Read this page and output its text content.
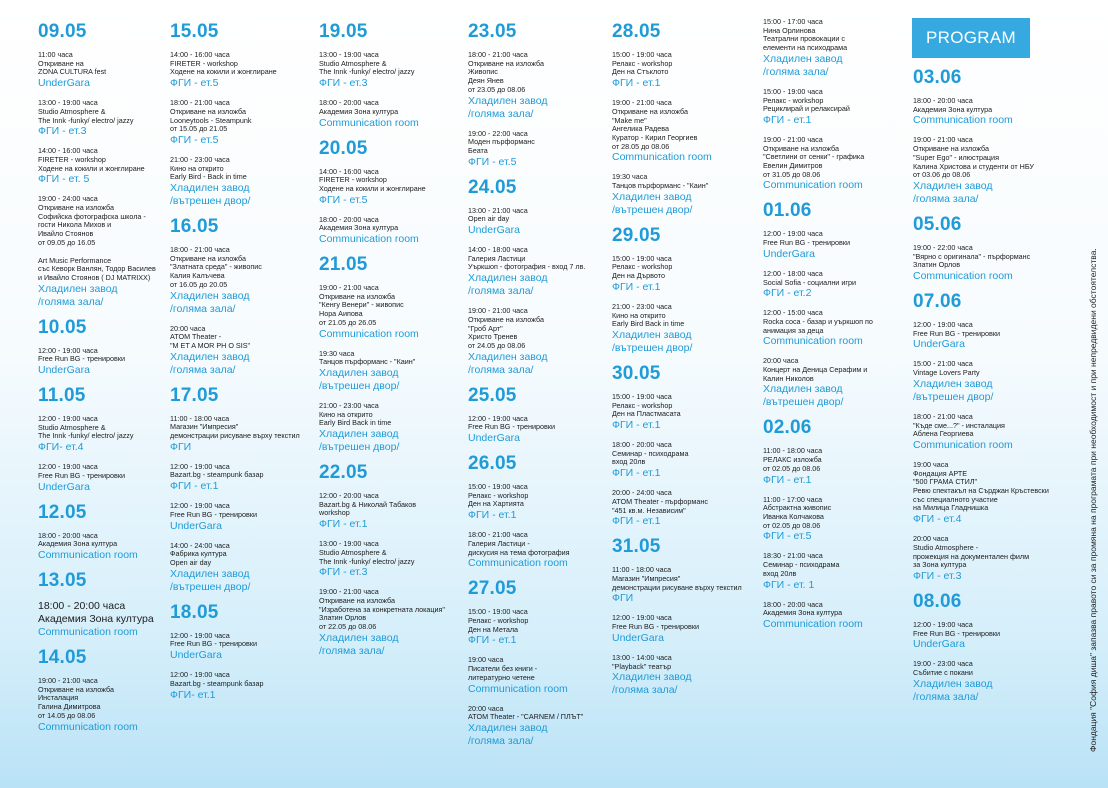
PROGRAM
09.05
11:00 часа
Откриване на
ZONA CULTURA fest
UnderGara
13:00 - 19:00 часа
Studio Atmosphere &
The Innk -funky/ electro/ jazzy
ФГИ - ет.3
14:00 - 16:00 часа
FIRETER - workshop
Ходене на кокили и жонглиране
ФГИ - ет. 5
19:00 - 24:00 часа
Откриване на изложба
Софийска фотографска школа -
гости Никола Михов и
Ивайло Стоянов
от 09.05 до 16.05
Art Music Performance
със Кеворк Ванлян, Тодор Василев
и Ивайло Стоянов ( DJ MATRIXX)
Хладилен завод
/голяма зала/
10.05
12:00 - 19:00 часа
Free Run BG - тренировки
UnderGara
11.05
12:00 - 19:00 часа
Studio Atmosphere &
The Innk -funky/ electro/ jazzy
ФГИ- ет.4
12:00 - 19:00 часа
Free Run BG - тренировки
UnderGara
12.05
18:00 - 20:00 часа
Академия Зона култура
Communication room
13.05
18:00 - 20:00 часа
Академия Зона култура
Communication room
14.05
19:00 - 21:00 часа
Откриване на изложба
Инсталация
Галина Димитрова
от 14.05 до 08.06
Communication room
15.05
14:00 - 16:00 часа
FIRETER - workshop
Ходене на кокили и жонглиране
ФГИ - ет.5
18:00 - 21:00 часа
Откриване на изложба
Looneytools - Steampunk
от 15.05 до 21.05
ФГИ - ет.5
21:00 - 23:00 часа
Кино на открито
Early Bird - Back in time
Хладилен завод
/вътрешен двор/
16.05
18:00 - 21:00 часа
Откриване на изложба
"Златната среда" - живопис
Калия Калъчева
от 16.05 до 20.05
Хладилен завод
/голяма зала/
20:00 часа
ATOM Theater -
"M ET A MOR PH O SIS"
Хладилен завод
/голяма зала/
17.05
11:00 - 18:00 часа
Магазин "Импресия"
демонстрации рисуване върху текстил
ФГИ
12:00 - 19:00 часа
Bazart.bg - steampunk базар
ФГИ - ет.1
12:00 - 19:00 часа
Free Run BG - тренировки
UnderGara
14:00 - 24:00 часа
Фабрика култура
Open air day
Хладилен завод
/вътрешен двор/
18.05
12:00 - 19:00 часа
Free Run BG - тренировки
UnderGara
12:00 - 19:00 часа
Bazart.bg - steampunk базар
ФГИ- ет.1
19.05
13:00 - 19:00 часа
Studio Atmosphere &
The Innk -funky/ electro/ jazzy
ФГИ - ет.3
18:00 - 20:00 часа
Академия Зона култура
Communication room
20.05
14:00 - 16:00 часа
FIRETER - workshop
Ходене на кокили и жонглиране
ФГИ - ет.5
18:00 - 20:00 часа
Академия Зона култура
Communication room
21.05
19:00 - 21:00 часа
Откриване на изложба
"Кенгу Венери" - живопис
Нора Аипова
от 21.05 до 26.05
Communication room
19:30 часа
Танцов пърформанс - "Каин"
Хладилен завод
/вътрешен двор/
21:00 - 23:00 часа
Кино на открито
Early Bird Back in time
Хладилен завод
/вътрешен двор/
22.05
12:00 - 20:00 часа
Bazart.bg & Николай Табаков
workshop
ФГИ - ет.1
13:00 - 19:00 часа
Studio Atmosphere &
The Innk -funky/ electro/ jazzy
ФГИ - ет.3
19:00 - 21:00 часа
Откриване на изложба
"Изработена за конкретната локация"
Златин Орлов
от 22.05 до 08.06
Хладилен завод
/голяма зала/
23.05
18:00 - 21:00 часа
Откриване на изложба
Живопис
Деян Янев
от 23.05 до 08.06
Хладилен завод
/голяма зала/
19:00 - 22:00 часа
Моден пърформанс
Беата
ФГИ - ет.5
24.05
13:00 - 21:00 часа
Open air day
UnderGara
14:00 - 18:00 часа
Галерия Ластици
Уъркшоп - фотография - вход 7 лв.
Хладилен завод
/голяма зала/
19:00 - 21:00 часа
Откриване на изложба
"Гроб Арт"
Христо Тренев
от 24.05 до 08.06
Хладилен завод
/голяма зала/
25.05
12:00 - 19:00 часа
Free Run BG - тренировки
UnderGara
26.05
15:00 - 19:00 часа
Релакс - workshop
Ден на Хартията
ФГИ - ет.1
18:00 - 21:00 часа
Галерия Ластици -
дискусия на тема фотография
Communication room
27.05
15:00 - 19:00 часа
Релакс - workshop
Ден на Метала
ФГИ - ет.1
19:00 часа
Писатели без книги -
литературно четене
Communication room
20:00 часа
ATOM Theater - "CARNEM / ПЛЪТ"
Хладилен завод
/голяма зала/
28.05
15:00 - 19:00 часа
Релакс - workshop
Ден на Стъклото
ФГИ - ет.1
19:00 - 21:00 часа
Откриване на изложба
"Make me"
Ангелика Радева
Куратор - Кирил Георгиев
от 28.05 до 08.06
Communication room
19:30 часа
Танцов пърформанс - "Каин"
Хладилен завод
/вътрешен двор/
29.05
15:00 - 19:00 часа
Релакс - workshop
Ден на Дървото
ФГИ - ет.1
21:00 - 23:00 часа
Кино на открито
Early Bird Back in time
Хладилен завод
/вътрешен двор/
30.05
15:00 - 19:00 часа
Релакс - workshop
Ден на Пластмасата
ФГИ - ет.1
18:00 - 20:00 часа
Семинар - психодрама
вход 20лв
ФГИ - ет.1
20:00 - 24:00 часа
ATOM Theater - пърформанс
"451 кв.м. Независим"
ФГИ - ет.1
31.05
11:00 - 18:00 часа
Магазин "Импресия"
демонстрации рисуване върху текстил
ФГИ
12:00 - 19:00 часа
Free Run BG - тренировки
UnderGara
13:00 - 14:00 часа
"Playback" театър
Хладилен завод
/голяма зала/
15:00 - 17:00 часа
Нина Орлинова
Театрални провокации с
елементи на психодрама
Хладилен завод
/голяма зала/
15:00 - 19:00 часа
Релакс - workshop
Рециклирай и релаксирай
ФГИ - ет.1
19:00 - 21:00 часа
Откриване на изложба
"Светлини от сенки" - графика
Евелин Димитров
от 31.05 до 08.06
Communication room
01.06
12:00 - 19:00 часа
Free Run BG - тренировки
UnderGara
12:00 - 18:00 часа
Social Sofia - социални игри
ФГИ - ет.2
12:00 - 15:00 часа
Rocka coca - базар и уъркшоп по
анимация за деца
Communication room
20:00 часа
Концерт на Деница Серафим и
Калин Николов
Хладилен завод
/вътрешен двор/
02.06
11:00 - 18:00 часа
РЕЛАКС изложба
от 02.05 до 08.06
ФГИ - ет.1
11:00 - 17:00 часа
Абстрактна живопис
Иванка Колчакова
от 02.05 до 08.06
ФГИ - ет.5
18:30 - 21:00 часа
Семинар - психодрама
вход 20лв
ФГИ - ет. 1
18:00 - 20:00 часа
Академия Зона култура
Communication room
03.06
18:00 - 20:00 часа
Академия Зона култура
Communication room
19:00 - 21:00 часа
Откриване на изложба
"Super Ego" - илюстрация
Калина Христова и студенти от НБУ
от 03.06 до 08.06
Хладилен завод
/голяма зала/
05.06
19:00 - 22:00 часа
"Вярно с оригинала" - пърформанс
Златин Орлов
Communication room
07.06
12:00 - 19:00 часа
Free Run BG - тренировки
UnderGara
15:00 - 21:00 часа
Vintage Lovers Party
Хладилен завод
/вътрешен двор/
18:00 - 21:00 часа
"Къде сме...?" - инсталация
Аблена Георгиева
Communication room
19:00 часа
Фондация АРТЕ
"500 ГРАМА СТИЛ"
Ревю спектакъл на Сърджан Кръстевски
със специалното участие
на Милица Гладнишка
ФГИ - ет.4
20:00 часа
Studio Atmosphere -
прожекция на документален филм
за Зона култура
ФГИ - ет.3
08.06
12:00 - 19:00 часа
Free Run BG - тренировки
UnderGara
19:00 - 23:00 часа
Събитие с покани
Хладилен завод
/голяма зала/	Фондация "София диша" запазва правото си за промяна на програмата при необходимост и при непредвидени обстоятелства.
